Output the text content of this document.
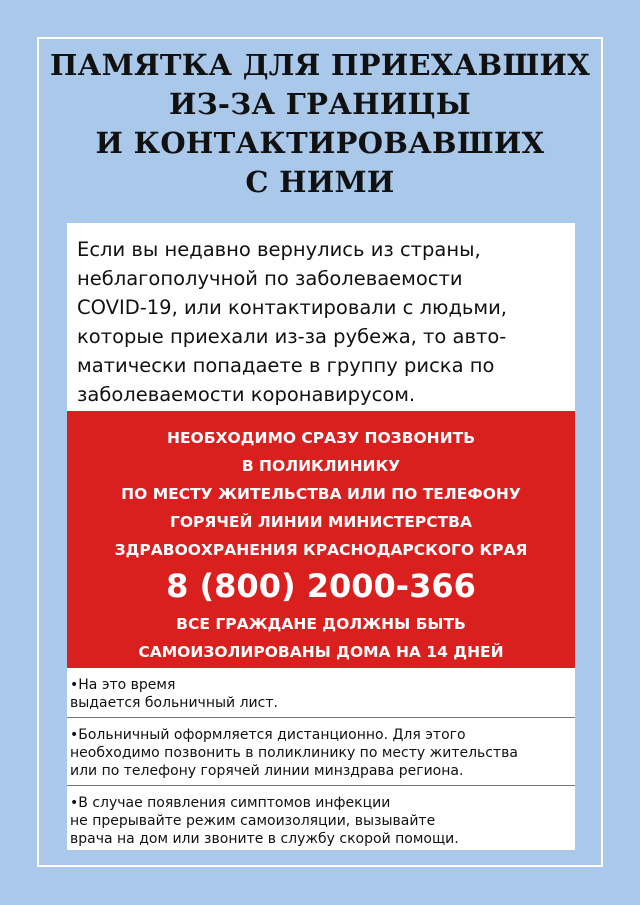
ПАМЯТКА ДЛЯ ПРИЕХАВШИХ
ИЗ-ЗА ГРАНИЦЫ
И КОНТАКТИРОВАВШИХ
С НИМИ
Если вы недавно вернулись из страны,
неблагополучной по заболеваемости
COVID-19, или контактировали с людьми,
которые приехали из-за рубежа, то авто-
матически попадаете в группу риска по
заболеваемости коронавирусом.
НЕОБХОДИМО СРАЗУ ПОЗВОНИТЬ
В ПОЛИКЛИНИКУ
ПО МЕСТУ ЖИТЕЛЬСТВА ИЛИ ПО ТЕЛЕФОНУ
ГОРЯЧЕЙ ЛИНИИ МИНИСТЕРСТВА
ЗДРАВООХРАНЕНИЯ КРАСНОДАРСКОГО КРАЯ
8 (800) 2000-366
ВСЕ ГРАЖДАНЕ ДОЛЖНЫ БЫТЬ
САМОИЗОЛИРОВАНЫ ДОМА НА 14 ДНЕЙ
•На это время
выдается больничный лист.
•Больничный оформляется дистанционно. Для этого
необходимо позвонить в поликлинику по месту жительства
или по телефону горячей линии минздрава региона.
•В случае появления симптомов инфекции
не прерывайте режим самоизоляции, вызывайте
врача на дом или звоните в службу скорой помощи.
